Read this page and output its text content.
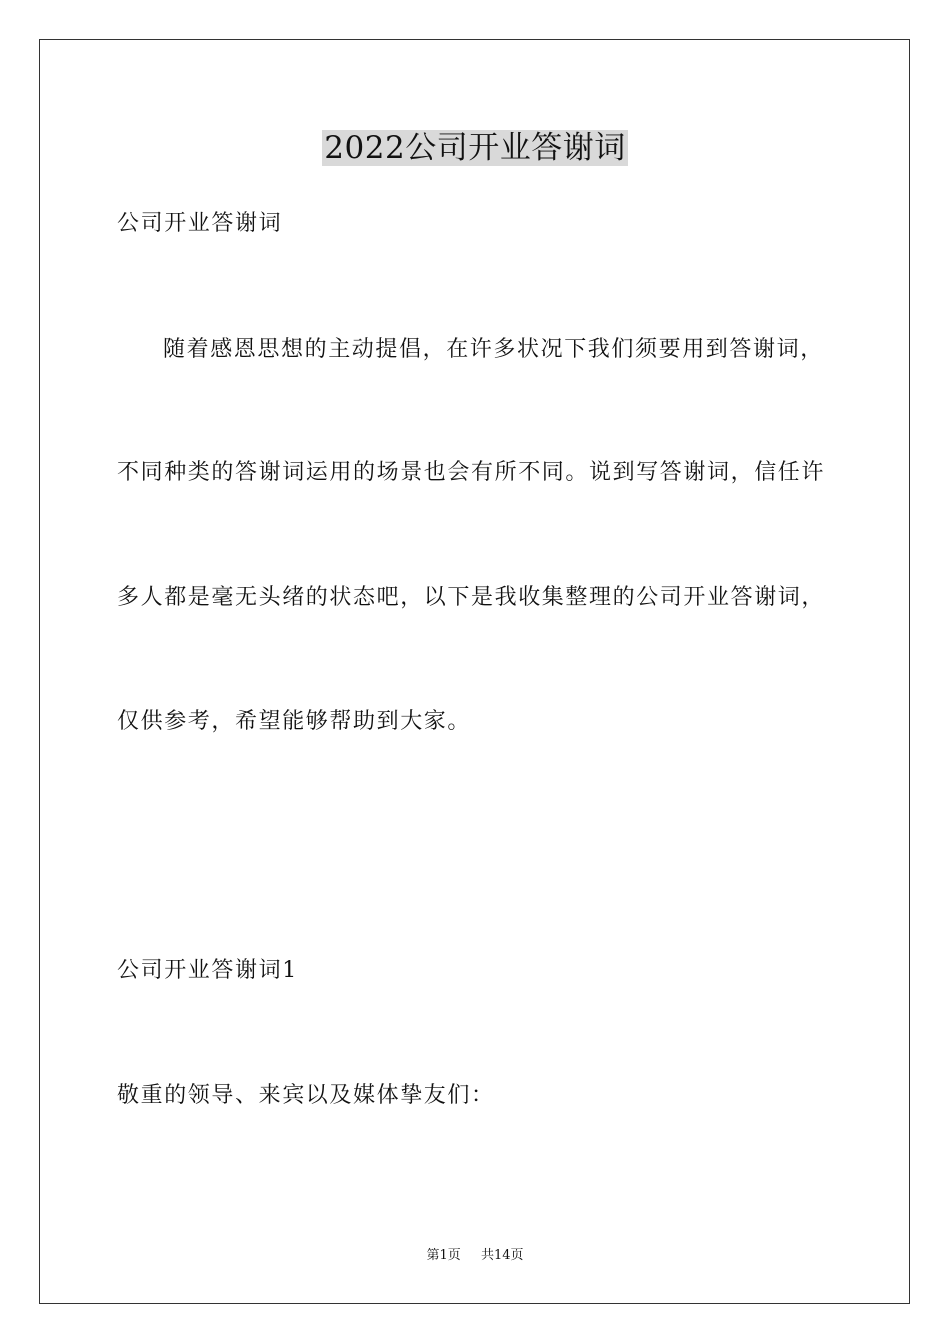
2022公司开业答谢词
公司开业答谢词
随着感恩思想的主动提倡，在许多状况下我们须要用到答谢词，
不同种类的答谢词运用的场景也会有所不同。说到写答谢词，信任许
多人都是毫无头绪的状态吧，以下是我收集整理的公司开业答谢词，
仅供参考，希望能够帮助到大家。
公司开业答谢词1
敬重的领导、来宾以及媒体挚友们：
第1页 共14页
